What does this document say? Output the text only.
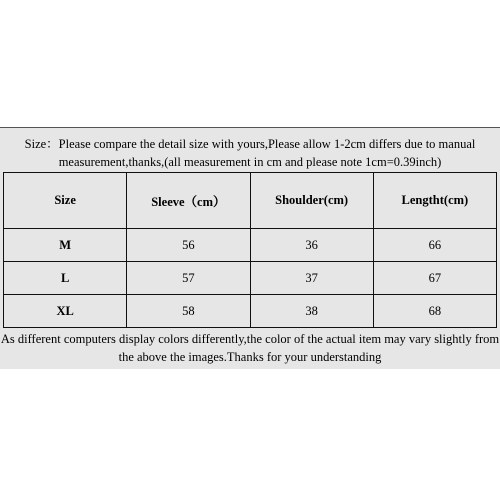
Size：Please compare the detail size with yours,Please allow 1-2cm differs due to manual measurement,thanks,(all measurement in cm and please note 1cm=0.39inch)
Size	Sleeve（cm）	Shoulder(cm)	Lengtht(cm)
M	56	36	66
L	57	37	67
XL	58	38	68
As different computers display colors differently,the color of the actual item may vary slightly from the above the images.Thanks for your understanding
